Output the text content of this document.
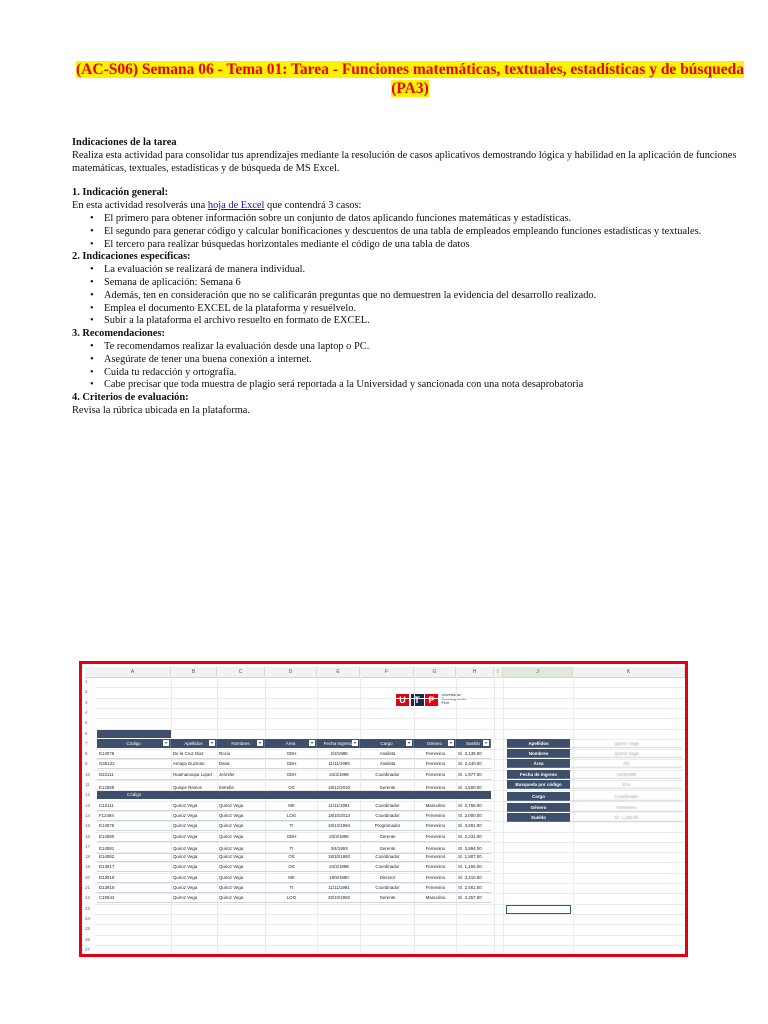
(AC-S06) Semana 06 - Tema 01: Tarea - Funciones matemáticas, textuales, estadísticas y de búsqueda (PA3)

Indicaciones de la tarea

Realiza esta actividad para consolidar tus aprendizajes mediante la resolución de casos aplicativos demostrando lógica y habilidad en la aplicación de funciones matemáticas, textuales, estadísticas y de búsqueda de MS Excel.

1. Indicación general:

En esta actividad resolverás una hoja de Excel que contendrá 3 casos:

• El primero para obtener información sobre un conjunto de datos aplicando funciones matemáticas y estadísticas.
• El segundo para generar código y calcular bonificaciones y descuentos de una tabla de empleados empleando funciones estadísticas y textuales.
• El tercero para realizar búsquedas horizontales mediante el código de una tabla de datos

2. Indicaciones específicas:

• La evaluación se realizará de manera individual.
• Semana de aplicación: Semana 6
• Además, ten en consideración que no se calificarán preguntas que no demuestren la evidencia del desarrollo realizado.
• Emplea el documento EXCEL de la plataforma y resuélvelo.
• Subir a la plataforma el archivo resuelto en formato de EXCEL.

3. Recomendaciones:

• Te recomendamos realizar la evaluación desde una laptop o PC.
• Asegúrate de tener una buena conexión a internet.
• Cuida tu redacción y ortografía.
• Cabe precisar que toda muestra de plagio será reportada a la Universidad y sancionada con una nota desaprobatoria

4. Criterios de evaluación:

Revisa la rúbrica ubicada en la plataforma.

A	B	C	D	E	F	G	H	I	J	K
U T P	Universidad Tecnológica del Perú
1
2
3
4
5
6
7
8
9
10
11
12
13
14
15
16
17
18
19
20
21
22
23
24
25
26
27
Código ▾	Apellidos ▾	Nombres ▾	Área ▾	Fecha Ingreso ▾	Cargo ▾	Género ▾	Sueldo ▾
E14078	De la Cruz Diaz	Rocio	GDH	2/2/1988	Analista	Femenino	S/. 3,135.00
G45122	Amaya Guzman	Dana	GDH	11/11/1999	Analista	Femenino	S/. 2,440.00
D22111	Huamanoupa Lopez	Jennifer	GDH	24/3/1998	Coordinador	Femenino	S/. 1,877.00
E12569	Quispe Ramos	Estrella	OS	18/12/2010	Gerente	Femenino	S/. 4,500.00
Código
C12111	Quiroz Vega	Quiroz Vega	MK	11/11/1991	Coordinador	Masculino	S/. 2,755.00
F12494	Quiroz Vega	Quiroz Vega	LOG	18/10/2013	Coordinador	Femenino	S/. 2,000.00
E14075	Quiroz Vega	Quiroz Vega	TI	18/12/1994	Programador	Femenino	S/. 3,691.00
E14080	Quiroz Vega	Quiroz Vega	GDH	23/3/1996	Gerente	Femenino	S/. 2,231.00
E14081	Quiroz Vega	Quiroz Vega	TI	3/4/1993	Gerente	Femenino	S/. 3,894.00
E14082	Quiroz Vega	Quiroz Vega	OS	18/10/1993	Coordinador	Femenino	S/. 1,907.00
D13917	Quiroz Vega	Quiroz Vega	OS	24/3/1998	Coordinador	Femenino	S/. 1,155.00
D13918	Quiroz Vega	Quiroz Vega	MK	19/9/1990	Director	Femenino	S/. 3,410.00
D13919	Quiroz Vega	Quiroz Vega	TI	11/11/1991	Coordinador	Femenino	S/. 2,561.00
C10542	Quiroz Vega	Quiroz Vega	LOG	30/10/1992	Gerente	Masculino	S/. 2,257.00
Apellidos	Quiroz Vega
Nombres	Quiroz Vega
Área	OS
Fecha de ingreso	24/3/1998
Busqueda por código	E14
Cargo	Coordinador
Género	Femenino
Sueldo	S/. 1,155.00
